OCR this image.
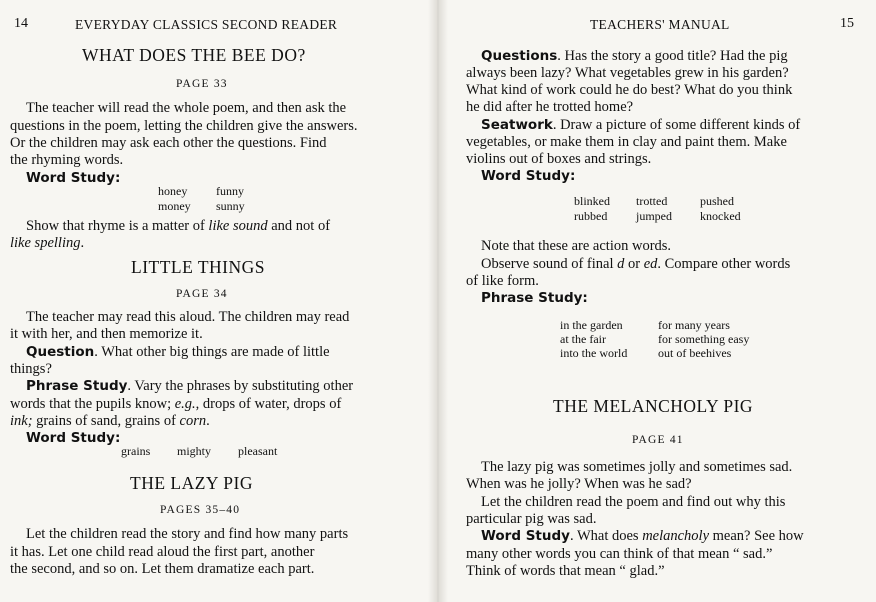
14	EVERYDAY CLASSICS SECOND READER
WHAT DOES THE BEE DO?
PAGE 33
The teacher will read the whole poem, and then ask the
questions in the poem, letting the children give the answers.
Or the children may ask each other the questions. Find
the rhyming words.
Word Study:
honey
money
funny
sunny
Show that rhyme is a matter of like sound and not of
like spelling.
LITTLE THINGS
PAGE 34
The teacher may read this aloud. The children may read
it with her, and then memorize it.
Question. What other big things are made of little
things?
Phrase Study. Vary the phrases by substituting other
words that the pupils know; e.g., drops of water, drops of
ink; grains of sand, grains of corn.
Word Study:
grains mighty pleasant
THE LAZY PIG
PAGES 35–40
Let the children read the story and find how many parts
it has. Let one child read aloud the first part, another
the second, and so on. Let them dramatize each part.
TEACHERS' MANUAL	15
Questions. Has the story a good title? Had the pig
always been lazy? What vegetables grew in his garden?
What kind of work could he do best? What do you think
he did after he trotted home?
Seatwork. Draw a picture of some different kinds of
vegetables, or make them in clay and paint them. Make
violins out of boxes and strings.
Word Study:
blinked
rubbed
trotted
jumped
pushed
knocked
Note that these are action words.
Observe sound of final d or ed. Compare other words
of like form.
Phrase Study:
in the garden
at the fair
into the world
for many years
for something easy
out of beehives
THE MELANCHOLY PIG
PAGE 41
The lazy pig was sometimes jolly and sometimes sad.
When was he jolly? When was he sad?
Let the children read the poem and find out why this
particular pig was sad.
Word Study. What does melancholy mean? See how
many other words you can think of that mean “ sad.”
Think of words that mean “ glad.”
